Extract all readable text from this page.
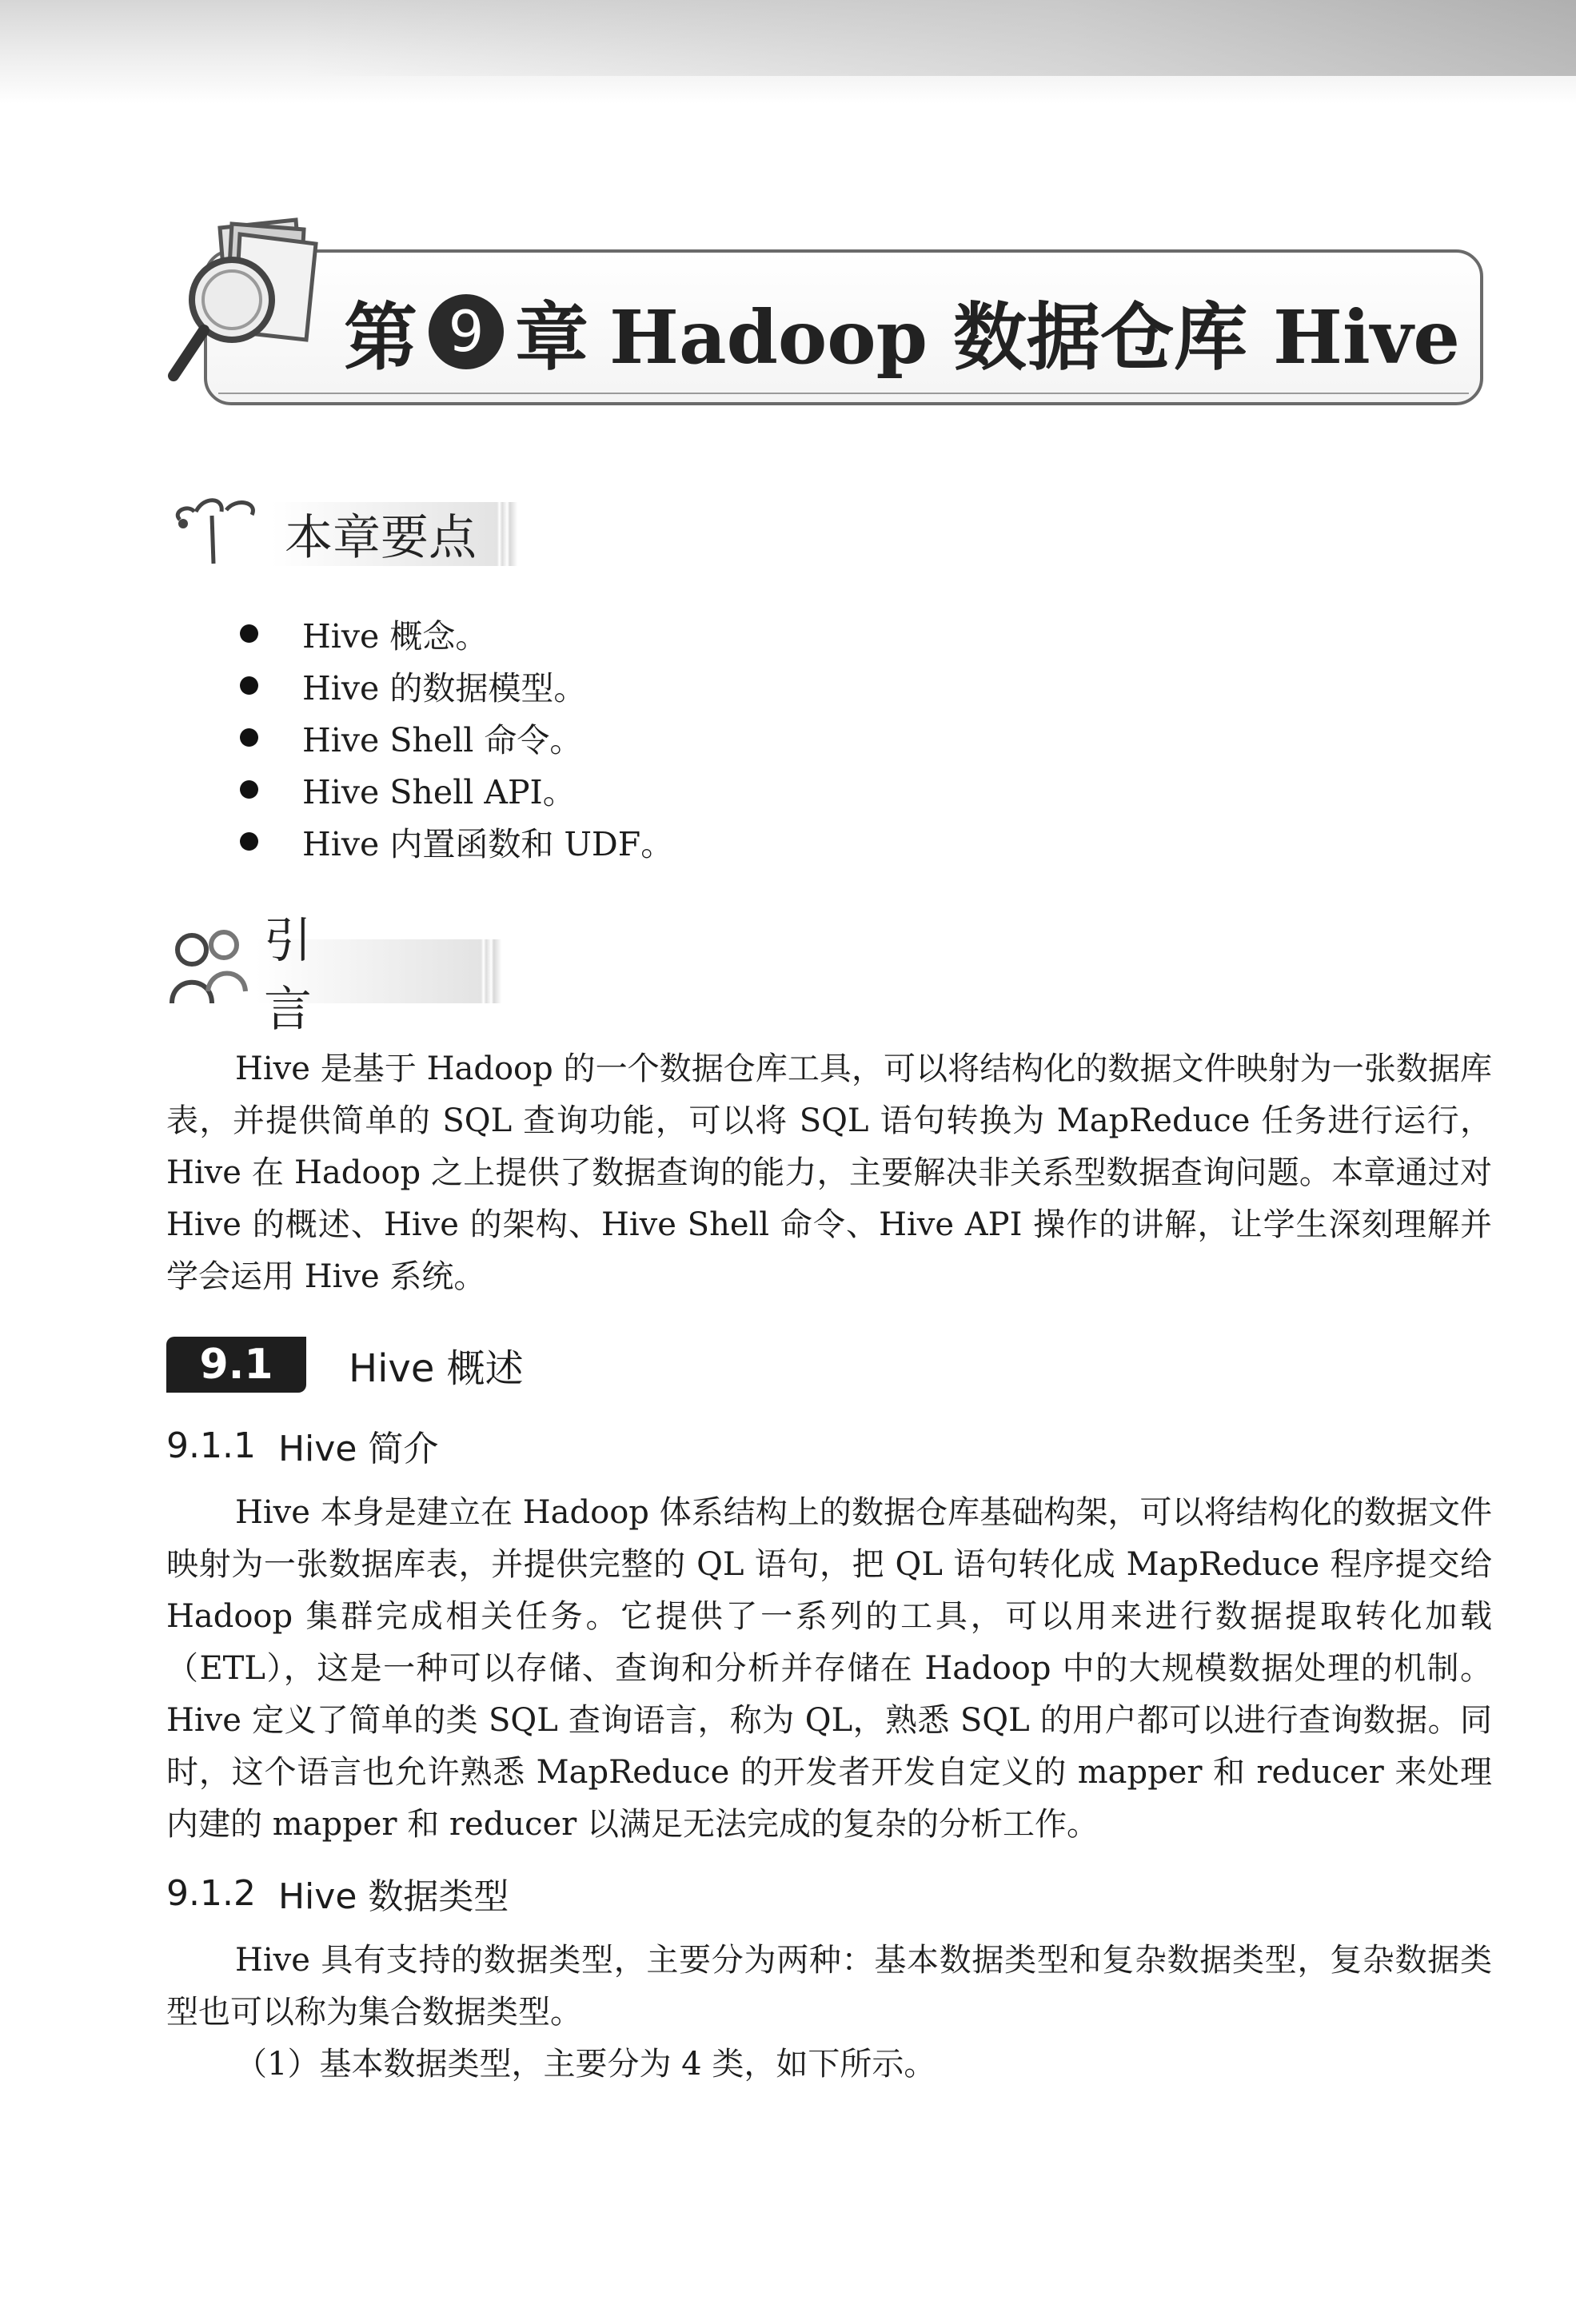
第 9 章 Hadoop 数据仓库 Hive
本章要点
Hive 概念。
Hive 的数据模型。
Hive Shell 命令。
Hive Shell API。
Hive 内置函数和 UDF。
引言

Hive 是基于 Hadoop 的一个数据仓库工具，可以将结构化的数据文件映射为一张数据库表，并提供简单的 SQL 查询功能，可以将 SQL 语句转换为 MapReduce 任务进行运行，Hive 在 Hadoop 之上提供了数据查询的能力，主要解决非关系型数据查询问题。本章通过对 Hive 的概述、Hive 的架构、Hive Shell 命令、Hive API 操作的讲解，让学生深刻理解并学会运用 Hive 系统。

9.1	Hive 概述
9.1.1 Hive 简介

Hive 本身是建立在 Hadoop 体系结构上的数据仓库基础构架，可以将结构化的数据文件映射为一张数据库表，并提供完整的 QL 语句，把 QL 语句转化成 MapReduce 程序提交给 Hadoop 集群完成相关任务。它提供了一系列的工具，可以用来进行数据提取转化加载（ETL），这是一种可以存储、查询和分析并存储在 Hadoop 中的大规模数据处理的机制。Hive 定义了简单的类 SQL 查询语言，称为 QL，熟悉 SQL 的用户都可以进行查询数据。同时，这个语言也允许熟悉 MapReduce 的开发者开发自定义的 mapper 和 reducer 来处理内建的 mapper 和 reducer 以满足无法完成的复杂的分析工作。

9.1.2 Hive 数据类型

Hive 具有支持的数据类型，主要分为两种：基本数据类型和复杂数据类型，复杂数据类型也可以称为集合数据类型。

（1）基本数据类型，主要分为 4 类，如下所示。
